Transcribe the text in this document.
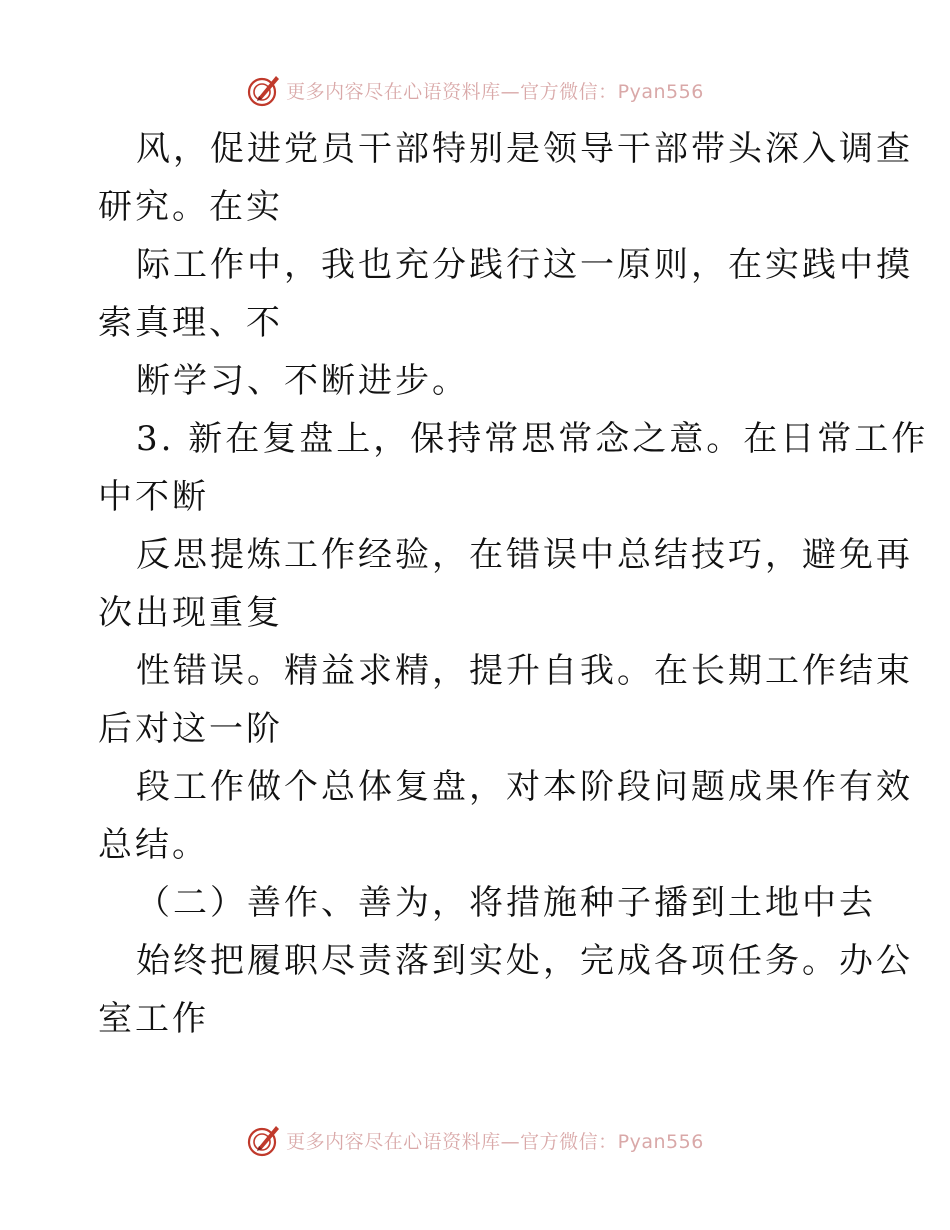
更多内容尽在心语资料库—官方微信：Pyan556
风，促进党员干部特别是领导干部带头深入调查
研究。在实
际工作中，我也充分践行这一原则，在实践中摸
索真理、不
断学习、不断进步。
3. 新在复盘上，保持常思常念之意。在日常工作
中不断
反思提炼工作经验，在错误中总结技巧，避免再
次出现重复
性错误。精益求精，提升自我。在长期工作结束
后对这一阶
段工作做个总体复盘，对本阶段问题成果作有效
总结。
（二）善作、善为，将措施种子播到土地中去
始终把履职尽责落到实处，完成各项任务。办公
室工作
更多内容尽在心语资料库—官方微信：Pyan556
